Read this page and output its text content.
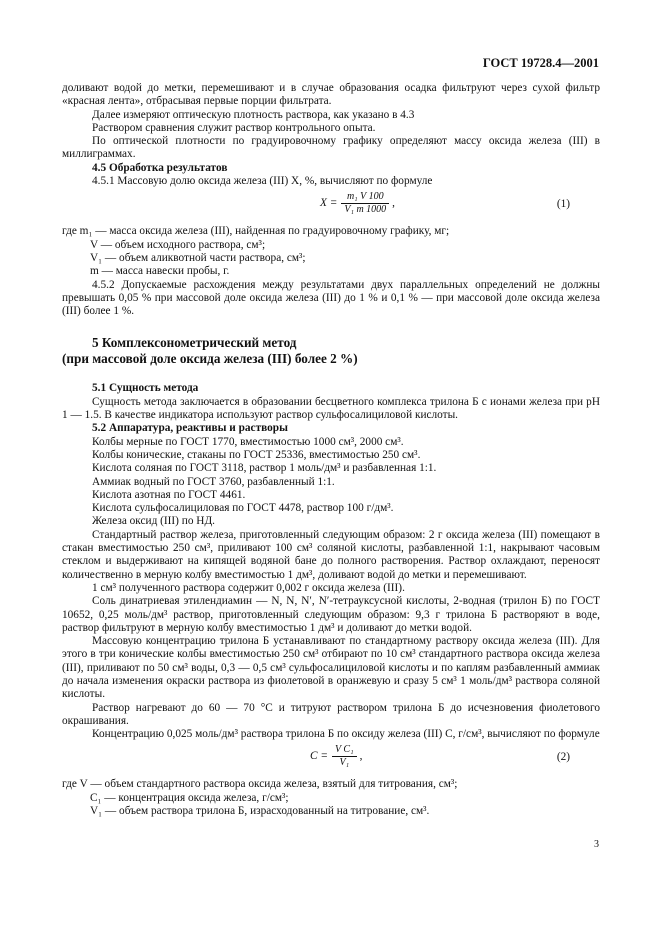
ГОСТ 19728.4—2001

доливают водой до метки, перемешивают и в случае образования осадка фильтруют через сухой фильтр «красная лента», отбрасывая первые порции фильтрата.

Далее измеряют оптическую плотность раствора, как указано в 4.3

Раствором сравнения служит раствор контрольного опыта.

По оптической плотности по градуировочному графику определяют массу оксида железа (III) в миллиграммах.

4.5 Обработка результатов

4.5.1 Массовую долю оксида железа (III) X, %, вычисляют по формуле

$X = \frac{\text{m₁ V 100}}{\text{V₁ m 1000}}$ ,	(1)

где m₁ — масса оксида железа (III), найденная по градуировочному графику, мг;

V — объем исходного раствора, см³;

V₁ — объем аликвотной части раствора, см³;

m — масса навески пробы, г.

4.5.2 Допускаемые расхождения между результатами двух параллельных определений не должны превышать 0,05 % при массовой доле оксида железа (III) до 1 % и 0,1 % — при массовой доле оксида железа (III) более 1 %.

5 Комплексонометрический метод
(при массовой доле оксида железа (III) более 2 %)

5.1 Сущность метода

Сущность метода заключается в образовании бесцветного комплекса трилона Б с ионами железа при рН 1 — 1.5. В качестве индикатора используют раствор сульфосалициловой кислоты.

5.2 Аппаратура, реактивы и растворы

Колбы мерные по ГОСТ 1770, вместимостью 1000 см³, 2000 см³.

Колбы конические, стаканы по ГОСТ 25336, вместимостью 250 см³.

Кислота соляная по ГОСТ 3118, раствор 1 моль/дм³ и разбавленная 1:1.

Аммиак водный по ГОСТ 3760, разбавленный 1:1.

Кислота азотная по ГОСТ 4461.

Кислота сульфосалициловая по ГОСТ 4478, раствор 100 г/дм³.

Железа оксид (III) по НД.

Стандартный раствор железа, приготовленный следующим образом: 2 г оксида железа (III) помещают в стакан вместимостью 250 см³, приливают 100 см³ соляной кислоты, разбавленной 1:1, накрывают часовым стеклом и выдерживают на кипящей водяной бане до полного растворения. Раствор охлаждают, переносят количественно в мерную колбу вместимостью 1 дм³, доливают водой до метки и перемешивают.

1 см³ полученного раствора содержит 0,002 г оксида железа (III).

Соль динатриевая этилендиамин — N, N, N′, N′-тетрауксусной кислоты, 2-водная (трилон Б) по ГОСТ 10652, 0,25 моль/дм³ раствор, приготовленный следующим образом: 9,3 г трилона Б растворяют в воде, раствор фильтруют в мерную колбу вместимостью 1 дм³ и доливают до метки водой.

Массовую концентрацию трилона Б устанавливают по стандартному раствору оксида железа (III). Для этого в три конические колбы вместимостью 250 см³ отбирают по 10 см³ стандартного раствора оксида железа (III), приливают по 50 см³ воды, 0,3 — 0,5 см³ сульфосалициловой кислоты и по каплям разбавленный аммиак до начала изменения окраски раствора из фиолетовой в оранжевую и сразу 5 см³ 1 моль/дм³ раствора соляной кислоты.

Раствор нагревают до 60 — 70 °С и титруют раствором трилона Б до исчезновения фиолетового окрашивания.

Концентрацию 0,025 моль/дм³ раствора трилона Б по оксиду железа (III) С, г/см³, вычисляют по формуле

$С = \frac{\text{V C₁}}{\text{V₁}}$ ,	(2)

где V — объем стандартного раствора оксида железа, взятый для титрования, см³;

C₁ — концентрация оксида железа, г/см³;

V₁ — объем раствора трилона Б, израсходованный на титрование, см³.

3
